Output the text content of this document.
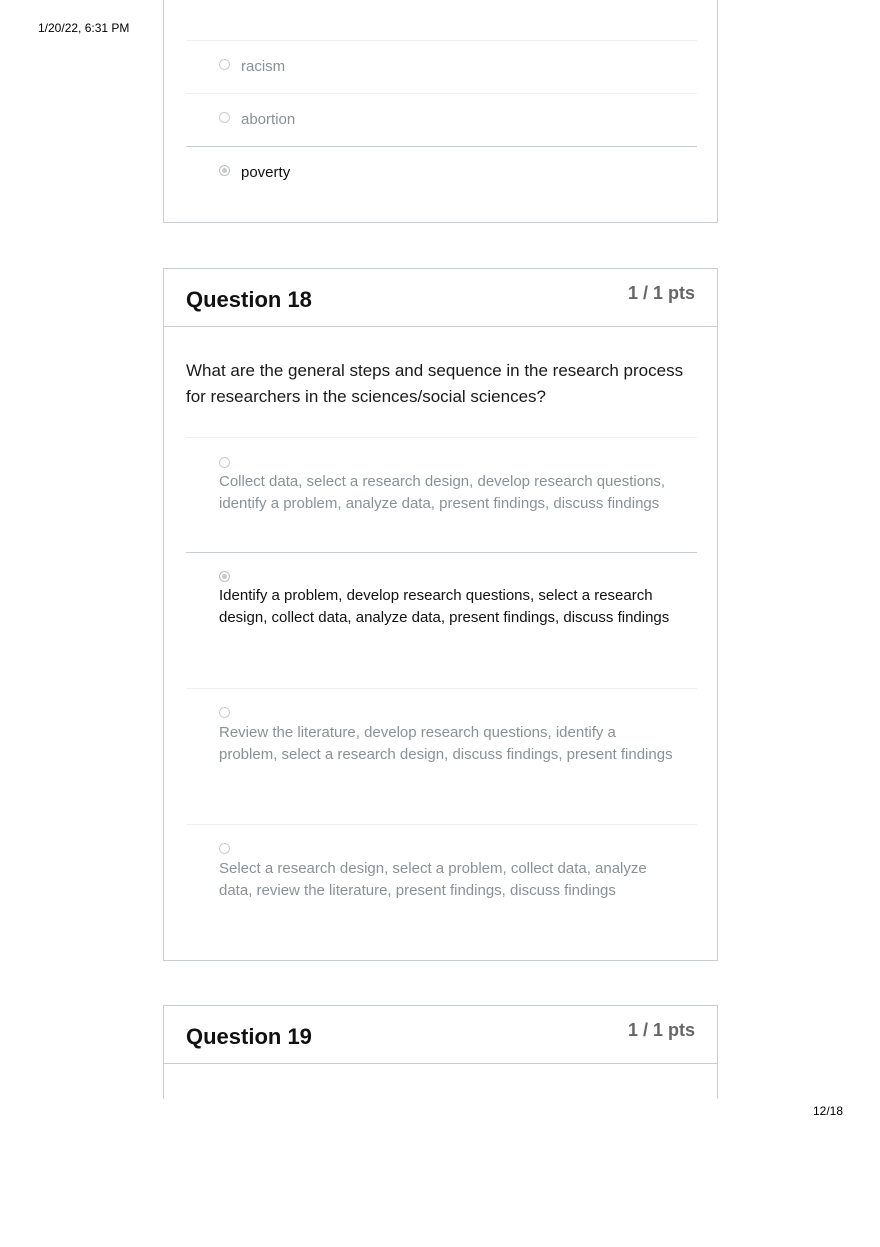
1/20/22, 6:31 PM
racism
abortion
poverty
Question 18	1 / 1 pts
What are the general steps and sequence in the research process for researchers in the sciences/social sciences?
Collect data, select a research design, develop research questions, identify a problem, analyze data, present findings, discuss findings
Identify a problem, develop research questions, select a research design, collect data, analyze data, present findings, discuss findings
Review the literature, develop research questions, identify a problem, select a research design, discuss findings, present findings
Select a research design, select a problem, collect data, analyze data, review the literature, present findings, discuss findings
Question 19	1 / 1 pts
12/18
